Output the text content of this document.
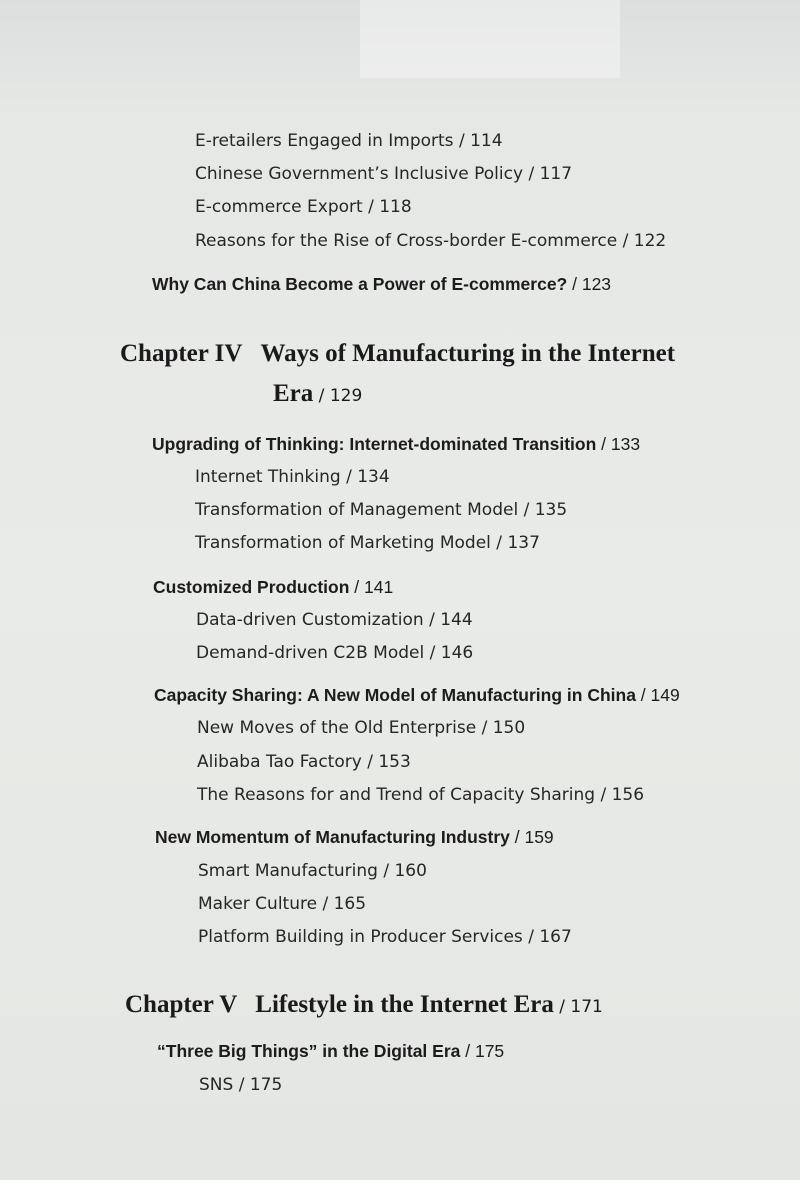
E-retailers Engaged in Imports / 114
Chinese Government’s Inclusive Policy / 117
E-commerce Export / 118
Reasons for the Rise of Cross-border E-commerce / 122
Why Can China Become a Power of E-commerce? / 123
Chapter IV Ways of Manufacturing in the Internet
Era / 129
Upgrading of Thinking: Internet-dominated Transition / 133
Internet Thinking / 134
Transformation of Management Model / 135
Transformation of Marketing Model / 137
Customized Production / 141
Data-driven Customization / 144
Demand-driven C2B Model / 146
Capacity Sharing: A New Model of Manufacturing in China / 149
New Moves of the Old Enterprise / 150
Alibaba Tao Factory / 153
The Reasons for and Trend of Capacity Sharing / 156
New Momentum of Manufacturing Industry / 159
Smart Manufacturing / 160
Maker Culture / 165
Platform Building in Producer Services / 167
Chapter V Lifestyle in the Internet Era / 171
“Three Big Things” in the Digital Era / 175
SNS / 175
